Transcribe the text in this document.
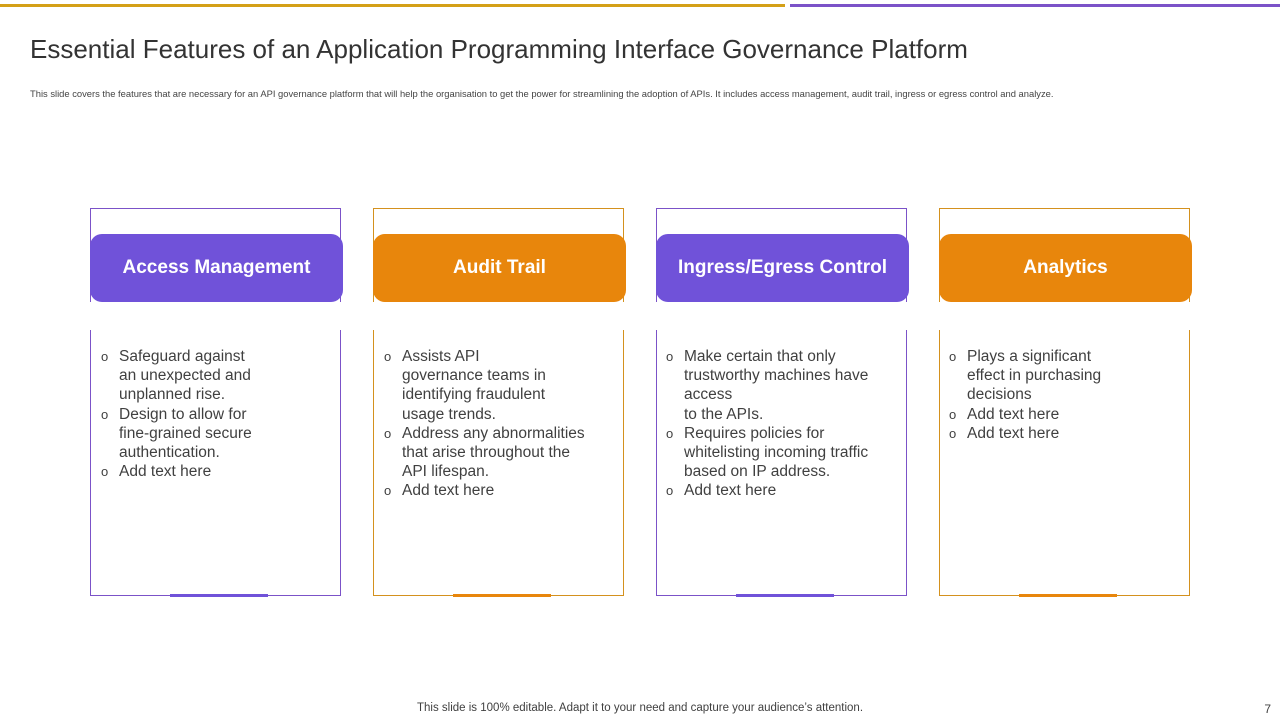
Essential Features of an Application Programming Interface Governance Platform
This slide covers the features that are necessary for an API governance platform that will help the organisation to get the power for streamlining the adoption of APIs. It includes access management, audit trail, ingress or egress control and analyze.
Access Management
o Safeguard against
an unexpected and
unplanned rise.
o Design to allow for
fine-grained secure
authentication.
o Add text here
Audit Trail
o Assists API
governance teams in
identifying fraudulent
usage trends.
o Address any abnormalities
that arise throughout the
API lifespan.
o Add text here
Ingress/Egress Control
o Make certain that only
trustworthy machines have
access
to the APIs.
o Requires policies for
whitelisting incoming traffic
based on IP address.
o Add text here
Analytics
o Plays a significant
effect in purchasing
decisions
o Add text here
o Add text here
This slide is 100% editable. Adapt it to your need and capture your audience’s attention.	7
